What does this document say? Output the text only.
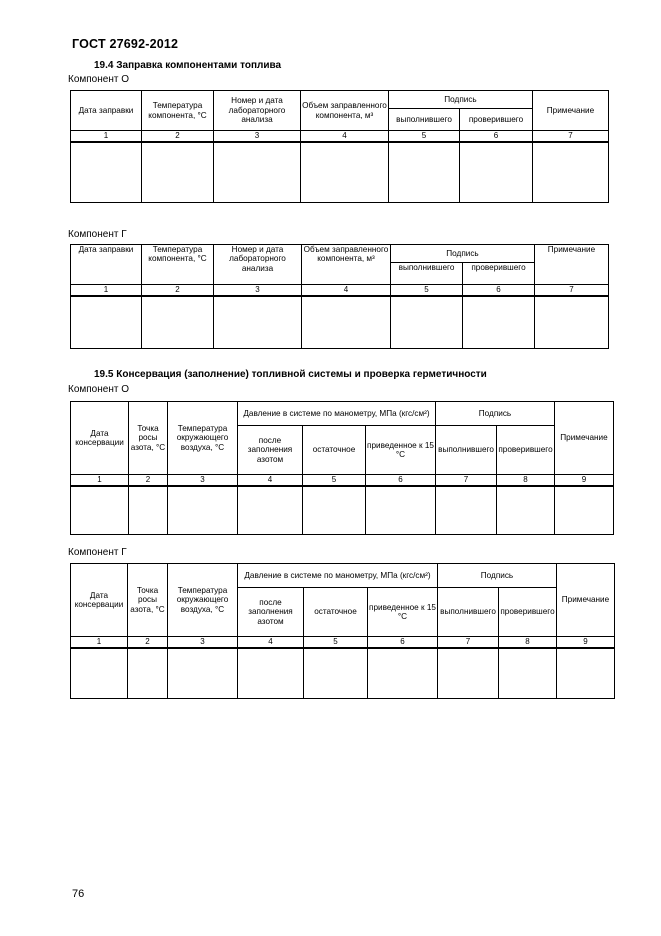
ГОСТ 27692-2012
19.4 Заправка компонентами топлива
Компонент О
Дата заправки	Температура компонента, °С	Номер и дата лабораторного анализа	Объем заправленного компонента, м³	Подпись		Примечание
				выполнившего	проверившего	
1	2	3	4	5	6	7

Компонент Г
Дата заправки	Температура компонента, °С	Номер и дата лабораторного анализа	Объем заправленного компонента, м³	Подпись		Примечание
				выполнившего	проверившего	
1	2	3	4	5	6	7

19.5 Консервация (заполнение) топливной системы и проверка герметичности
Компонент О
Дата консервации	Точка росы азота, °С	Температура окружающего воздуха, °С	Давление в системе по манометру, МПа (кгс/см²)			Подпись		Примечание
			после заполнения азотом	остаточное	приведенное к 15 °С	выполнившего	проверившего	
1	2	3	4	5	6	7	8	9

Компонент Г
Дата консервации	Точка росы азота, °С	Температура окружающего воздуха, °С	Давление в системе по манометру, МПа (кгс/см²)			Подпись		Примечание
			после заполнения азотом	остаточное	приведенное к 15 °С	выполнившего	проверившего	
1	2	3	4	5	6	7	8	9

76
